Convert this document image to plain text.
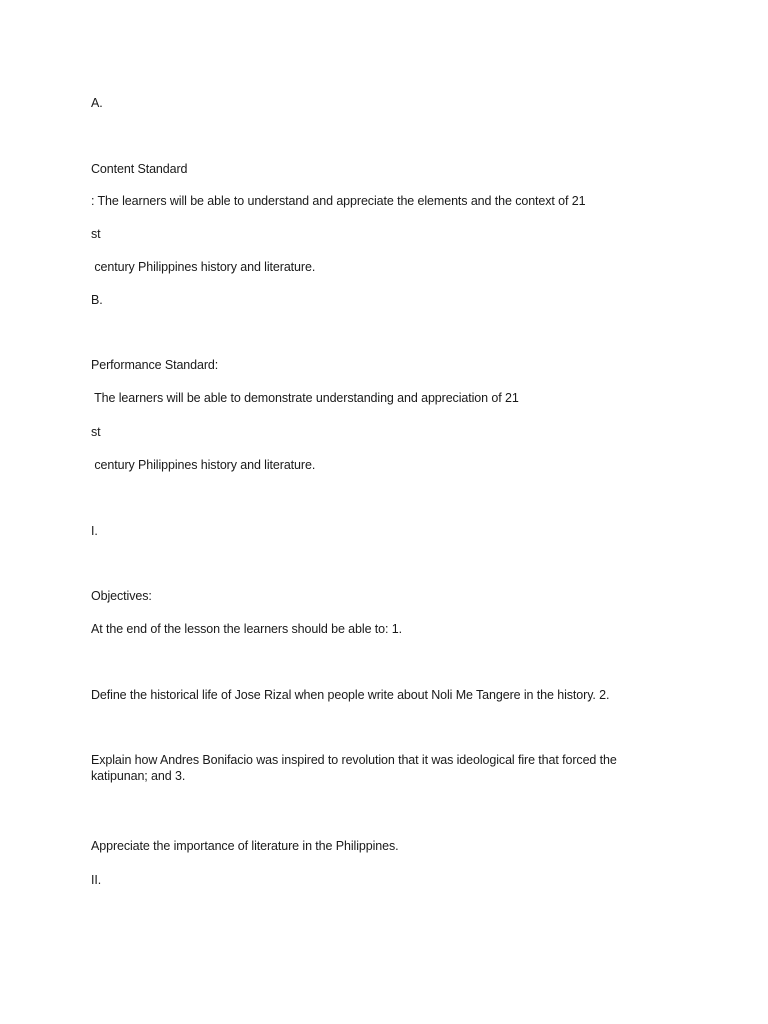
A.
Content Standard
: The learners will be able to understand and appreciate the elements and the context of 21
st
century Philippines history and literature.
B.
Performance Standard:
The learners will be able to demonstrate understanding and appreciation of 21
st
century Philippines history and literature.
I.
Objectives:
At the end of the lesson the learners should be able to: 1.
Define the historical life of Jose Rizal when people write about Noli Me Tangere in the history. 2.
Explain how Andres Bonifacio was inspired to revolution that it was ideological fire that forced the katipunan; and 3.
Appreciate the importance of literature in the Philippines.
II.
